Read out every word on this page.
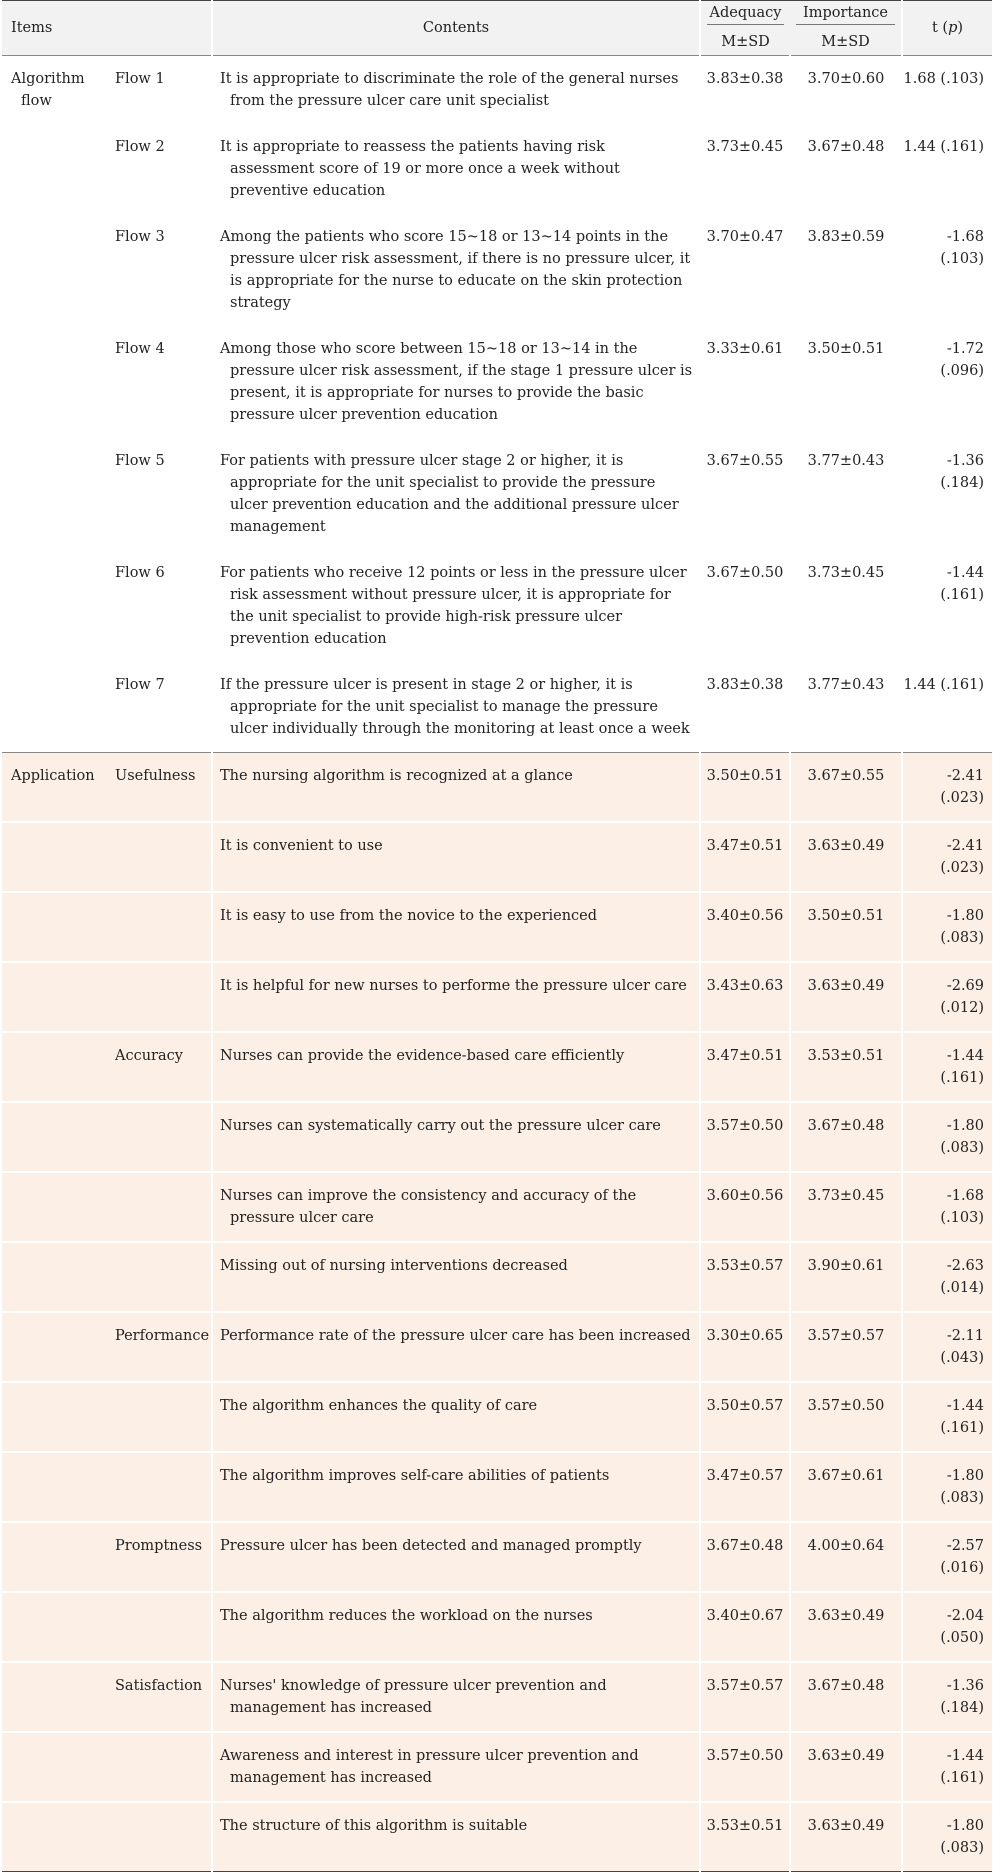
Items		Contents	Adequacy	Importance	t (p)
			M±SD	M±SD	
Algorithm
flow	Flow 1	It is appropriate to discriminate the role of the general nurses from the pressure ulcer care unit specialist	3.83±0.38	3.70±0.60	1.68 (.103)
	Flow 2	It is appropriate to reassess the patients having risk assessment score of 19 or more once a week without preventive education	3.73±0.45	3.67±0.48	1.44 (.161)
	Flow 3	Among the patients who score 15~18 or 13~14 points in the pressure ulcer risk assessment, if there is no pressure ulcer, it is appropriate for the nurse to educate on the skin protection strategy	3.70±0.47	3.83±0.59	-1.68 (.103)
	Flow 4	Among those who score between 15~18 or 13~14 in the pressure ulcer risk assessment, if the stage 1 pressure ulcer is present, it is appropriate for nurses to provide the basic pressure ulcer prevention education	3.33±0.61	3.50±0.51	-1.72 (.096)
	Flow 5	For patients with pressure ulcer stage 2 or higher, it is appropriate for the unit specialist to provide the pressure ulcer prevention education and the additional pressure ulcer management	3.67±0.55	3.77±0.43	-1.36 (.184)
	Flow 6	For patients who receive 12 points or less in the pressure ulcer risk assessment without pressure ulcer, it is appropriate for the unit specialist to provide high-risk pressure ulcer prevention education	3.67±0.50	3.73±0.45	-1.44 (.161)
	Flow 7	If the pressure ulcer is present in stage 2 or higher, it is appropriate for the unit specialist to manage the pressure ulcer individually through the monitoring at least once a week	3.83±0.38	3.77±0.43	1.44 (.161)
Application	Usefulness	The nursing algorithm is recognized at a glance	3.50±0.51	3.67±0.55	-2.41 (.023)

		It is convenient to use	3.47±0.51	3.63±0.49	-2.41 (.023)

		It is easy to use from the novice to the experienced	3.40±0.56	3.50±0.51	-1.80 (.083)

		It is helpful for new nurses to performe the pressure ulcer care	3.43±0.63	3.63±0.49	-2.69 (.012)
	Accuracy	Nurses can provide the evidence-based care efficiently	3.47±0.51	3.53±0.51	-1.44 (.161)

		Nurses can systematically carry out the pressure ulcer care	3.57±0.50	3.67±0.48	-1.80 (.083)

		Nurses can improve the consistency and accuracy of the pressure ulcer care	3.60±0.56	3.73±0.45	-1.68 (.103)

		Missing out of nursing interventions decreased	3.53±0.57	3.90±0.61	-2.63 (.014)
	Performance	Performance rate of the pressure ulcer care has been increased	3.30±0.65	3.57±0.57	-2.11 (.043)

		The algorithm enhances the quality of care	3.50±0.57	3.57±0.50	-1.44 (.161)

		The algorithm improves self-care abilities of patients	3.47±0.57	3.67±0.61	-1.80 (.083)
	Promptness	Pressure ulcer has been detected and managed promptly	3.67±0.48	4.00±0.64	-2.57 (.016)

		The algorithm reduces the workload on the nurses	3.40±0.67	3.63±0.49	-2.04 (.050)
	Satisfaction	Nurses' knowledge of pressure ulcer prevention and management has increased	3.57±0.57	3.67±0.48	-1.36 (.184)

		Awareness and interest in pressure ulcer prevention and management has increased	3.57±0.50	3.63±0.49	-1.44 (.161)

		The structure of this algorithm is suitable	3.53±0.51	3.63±0.49	-1.80 (.083)
